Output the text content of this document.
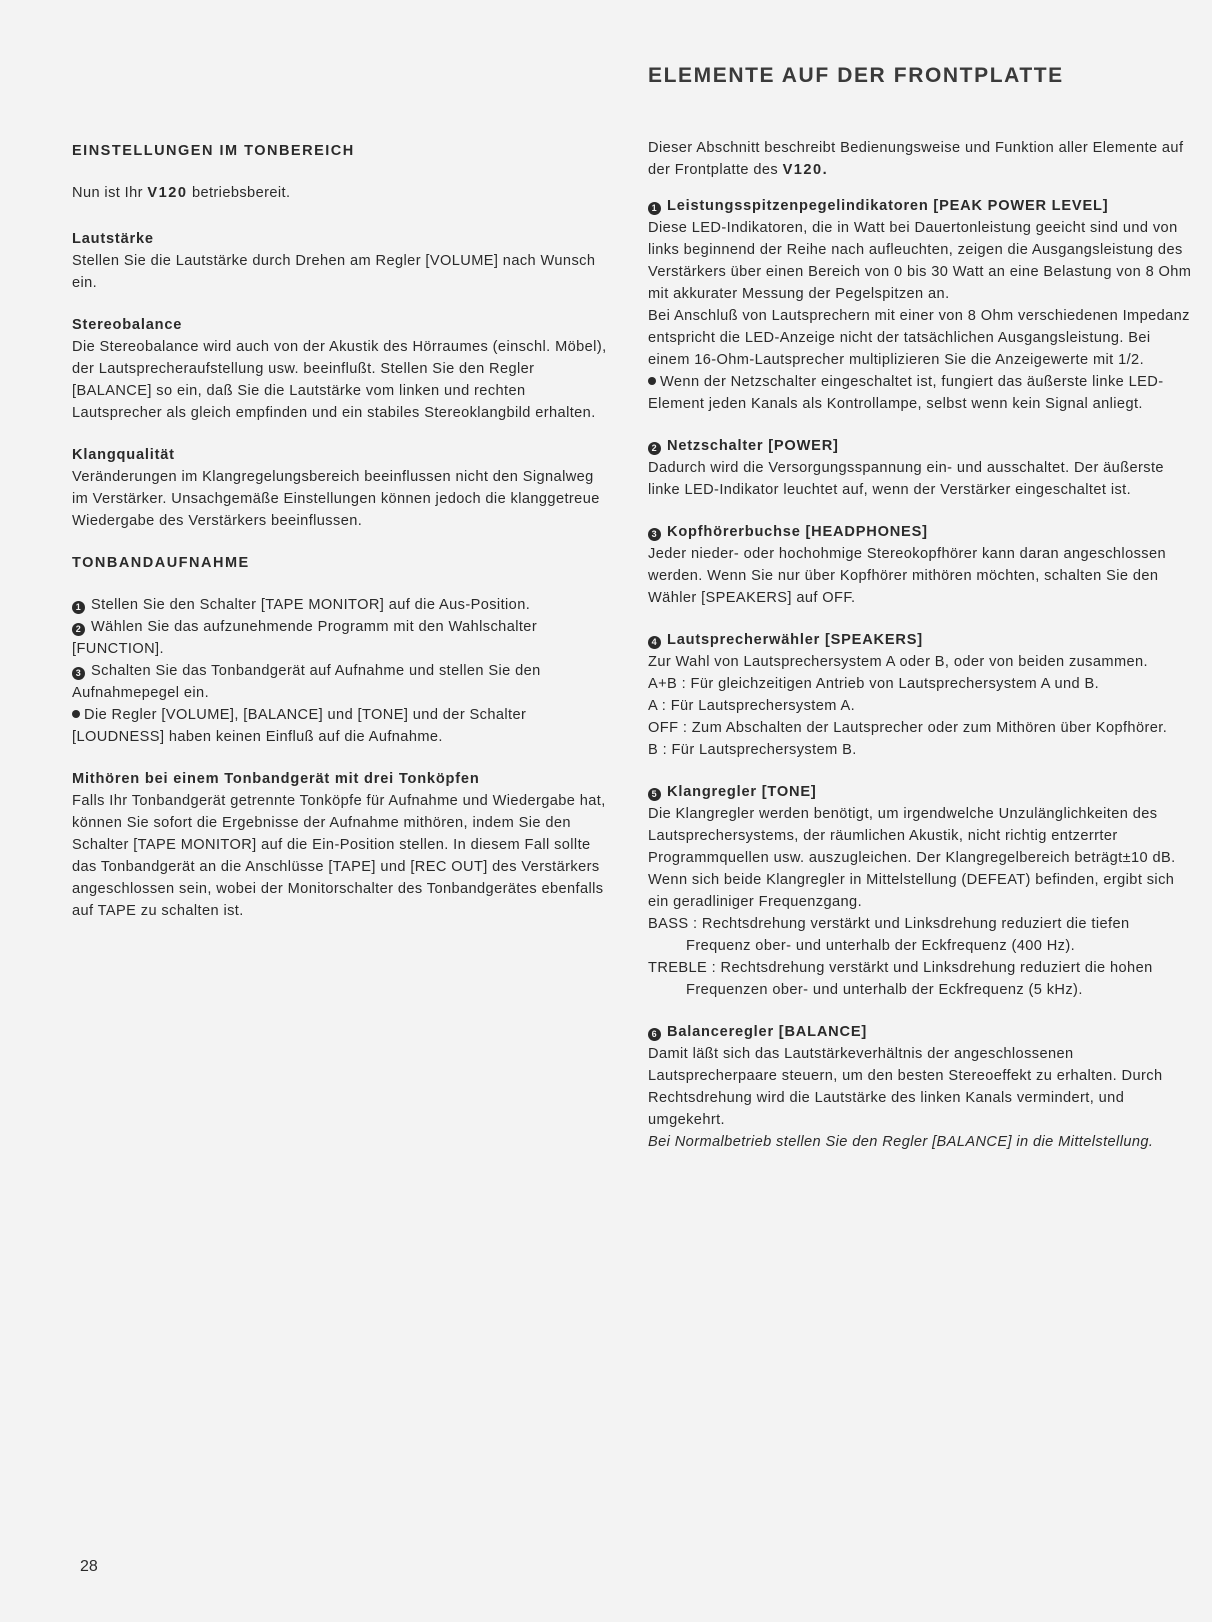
ELEMENTE AUF DER FRONTPLATTE

EINSTELLUNGEN IM TONBEREICH

Nun ist Ihr V120 betriebsbereit.

Lautstärke

Stellen Sie die Lautstärke durch Drehen am Regler [VOLUME] nach Wunsch ein.

Stereobalance

Die Stereobalance wird auch von der Akustik des Hörraumes (einschl. Möbel), der Lautsprecheraufstellung usw. beeinflußt. Stellen Sie den Regler [BALANCE] so ein, daß Sie die Lautstärke vom linken und rechten Lautsprecher als gleich empfinden und ein stabiles Stereoklangbild erhalten.

Klangqualität

Veränderungen im Klangregelungsbereich beeinflussen nicht den Signalweg im Verstärker. Unsachgemäße Einstellungen können jedoch die klanggetreue Wiedergabe des Verstärkers beeinflussen.

TONBANDAUFNAHME

1 Stellen Sie den Schalter [TAPE MONITOR] auf die Aus-Position.

2 Wählen Sie das aufzunehmende Programm mit den Wahlschalter [FUNCTION].

3 Schalten Sie das Tonbandgerät auf Aufnahme und stellen Sie den Aufnahmepegel ein.

Die Regler [VOLUME], [BALANCE] und [TONE] und der Schalter [LOUDNESS] haben keinen Einfluß auf die Aufnahme.

Mithören bei einem Tonbandgerät mit drei Tonköpfen

Falls Ihr Tonbandgerät getrennte Tonköpfe für Aufnahme und Wiedergabe hat, können Sie sofort die Ergebnisse der Aufnahme mithören, indem Sie den Schalter [TAPE MONITOR] auf die Ein-Position stellen. In diesem Fall sollte das Tonbandgerät an die Anschlüsse [TAPE] und [REC OUT] des Verstärkers angeschlossen sein, wobei der Monitorschalter des Tonbandgerätes ebenfalls auf TAPE zu schalten ist.

Dieser Abschnitt beschreibt Bedienungsweise und Funktion aller Elemente auf der Frontplatte des V120.

1 Leistungsspitzenpegelindikatoren [PEAK POWER LEVEL]

Diese LED-Indikatoren, die in Watt bei Dauertonleistung geeicht sind und von links beginnend der Reihe nach aufleuchten, zeigen die Ausgangsleistung des Verstärkers über einen Bereich von 0 bis 30 Watt an eine Belastung von 8 Ohm mit akkurater Messung der Pegelspitzen an.

Bei Anschluß von Lautsprechern mit einer von 8 Ohm verschiedenen Impedanz entspricht die LED-Anzeige nicht der tatsächlichen Ausgangsleistung. Bei einem 16-Ohm-Lautsprecher multiplizieren Sie die Anzeigewerte mit 1/2.

Wenn der Netzschalter eingeschaltet ist, fungiert das äußerste linke LED-Element jeden Kanals als Kontrollampe, selbst wenn kein Signal anliegt.

2 Netzschalter [POWER]

Dadurch wird die Versorgungsspannung ein- und ausschaltet. Der äußerste linke LED-Indikator leuchtet auf, wenn der Verstärker eingeschaltet ist.

3 Kopfhörerbuchse [HEADPHONES]

Jeder nieder- oder hochohmige Stereokopfhörer kann daran angeschlossen werden. Wenn Sie nur über Kopfhörer mithören möchten, schalten Sie den Wähler [SPEAKERS] auf OFF.

4 Lautsprecherwähler [SPEAKERS]

Zur Wahl von Lautsprechersystem A oder B, oder von beiden zusammen.

A+B : Für gleichzeitigen Antrieb von Lautsprechersystem A und B.

A : Für Lautsprechersystem A.

OFF : Zum Abschalten der Lautsprecher oder zum Mithören über Kopfhörer.

B : Für Lautsprechersystem B.

5 Klangregler [TONE]

Die Klangregler werden benötigt, um irgendwelche Unzulänglichkeiten des Lautsprechersystems, der räumlichen Akustik, nicht richtig entzerrter Programmquellen usw. auszugleichen. Der Klangregelbereich beträgt±10 dB. Wenn sich beide Klangregler in Mittelstellung (DEFEAT) befinden, ergibt sich ein geradliniger Frequenzgang.

BASS : Rechtsdrehung verstärkt und Linksdrehung reduziert die tiefen Frequenz ober- und unterhalb der Eckfrequenz (400 Hz).

TREBLE : Rechtsdrehung verstärkt und Linksdrehung reduziert die hohen Frequenzen ober- und unterhalb der Eckfrequenz (5 kHz).

6 Balanceregler [BALANCE]

Damit läßt sich das Lautstärkeverhältnis der angeschlossenen Lautsprecherpaare steuern, um den besten Stereoeffekt zu erhalten. Durch Rechtsdrehung wird die Lautstärke des linken Kanals vermindert, und umgekehrt.

Bei Normalbetrieb stellen Sie den Regler [BALANCE] in die Mittelstellung.

28
